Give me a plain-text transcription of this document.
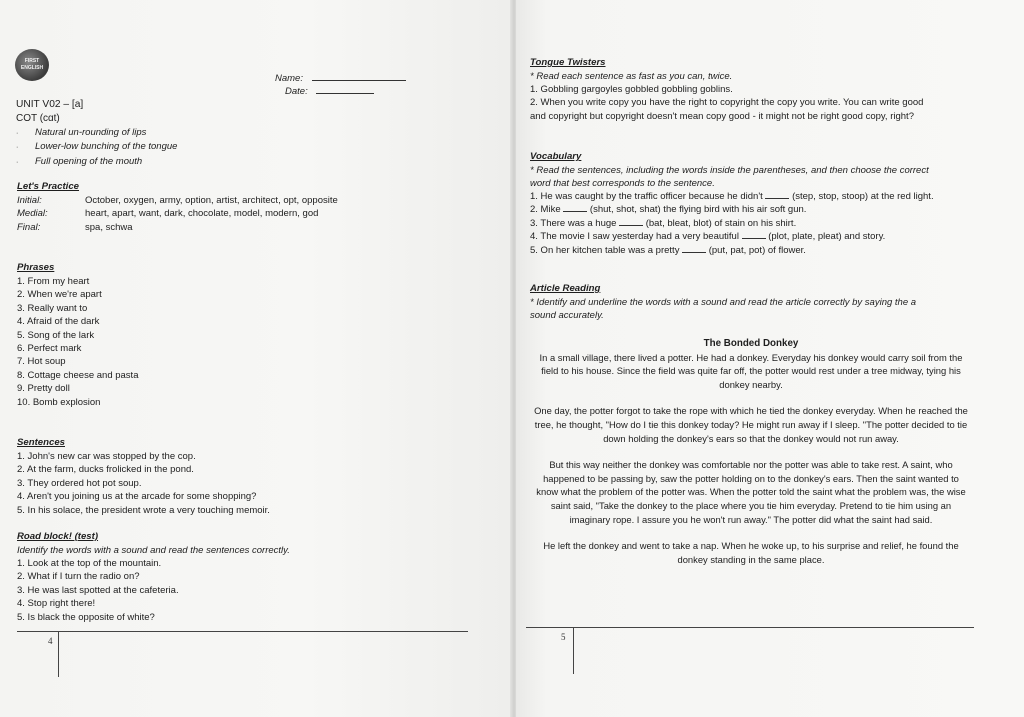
FIRST
ENGLISH
Name:
Date:
UNIT V02 – [a]
COT (cɑt)
· Natural un-rounding of lips
· Lower-low bunching of the tongue
· Full opening of the mouth
Let's Practice
Initial:	October, oxygen, army, option, artist, architect, opt, opposite
Medial:	heart, apart, want, dark, chocolate, model, modern, god
Final:	spa, schwa
Phrases
1. From my heart
2. When we're apart
3. Really want to
4. Afraid of the dark
5. Song of the lark
6. Perfect mark
7. Hot soup
8. Cottage cheese and pasta
9. Pretty doll
10. Bomb explosion
Sentences
1. John's new car was stopped by the cop.
2. At the farm, ducks frolicked in the pond.
3. They ordered hot pot soup.
4. Aren't you joining us at the arcade for some shopping?
5. In his solace, the president wrote a very touching memoir.
Road block! (test)
Identify the words with a sound and read the sentences correctly.
1. Look at the top of the mountain.
2. What if I turn the radio on?
3. He was last spotted at the cafeteria.
4. Stop right there!
5. Is black the opposite of white?
4
Tongue Twisters
* Read each sentence as fast as you can, twice.
1. Gobbling gargoyles gobbled gobbling goblins.
2. When you write copy you have the right to copyright the copy you write. You can write good
and copyright but copyright doesn't mean copy good - it might not be right good copy, right?
Vocabulary
* Read the sentences, including the words inside the parentheses, and then choose the correct
word that best corresponds to the sentence.
1. He was caught by the traffic officer because he didn't	(step, stop, stoop) at the red light.
2. Mike	(shut, shot, shat) the flying bird with his air soft gun.
3. There was a huge	(bat, bleat, blot) of stain on his shirt.
4. The movie I saw yesterday had a very beautiful	(plot, plate, pleat) and story.
5. On her kitchen table was a pretty	(put, pat, pot) of flower.
Article Reading
* Identify and underline the words with a sound and read the article correctly by saying the a
sound accurately.

The Bonded Donkey

In a small village, there lived a potter. He had a donkey. Everyday his donkey would carry soil from the field to his house. Since the field was quite far off, the potter would rest under a tree midway, tying his donkey nearby.

One day, the potter forgot to take the rope with which he tied the donkey everyday. When he reached the tree, he thought, "How do I tie this donkey today? He might run away if I sleep. "The potter decided to tie down holding the donkey's ears so that the donkey would not run away.

But this way neither the donkey was comfortable nor the potter was able to take rest. A saint, who happened to be passing by, saw the potter holding on to the donkey's ears. Then the saint wanted to know what the problem of the potter was. When the potter told the saint what the problem was, the wise saint said, "Take the donkey to the place where you tie him everyday. Pretend to tie him using an imaginary rope. I assure you he won't run away." The potter did what the saint had said.

He left the donkey and went to take a nap. When he woke up, to his surprise and relief, he found the donkey standing in the same place.

5
